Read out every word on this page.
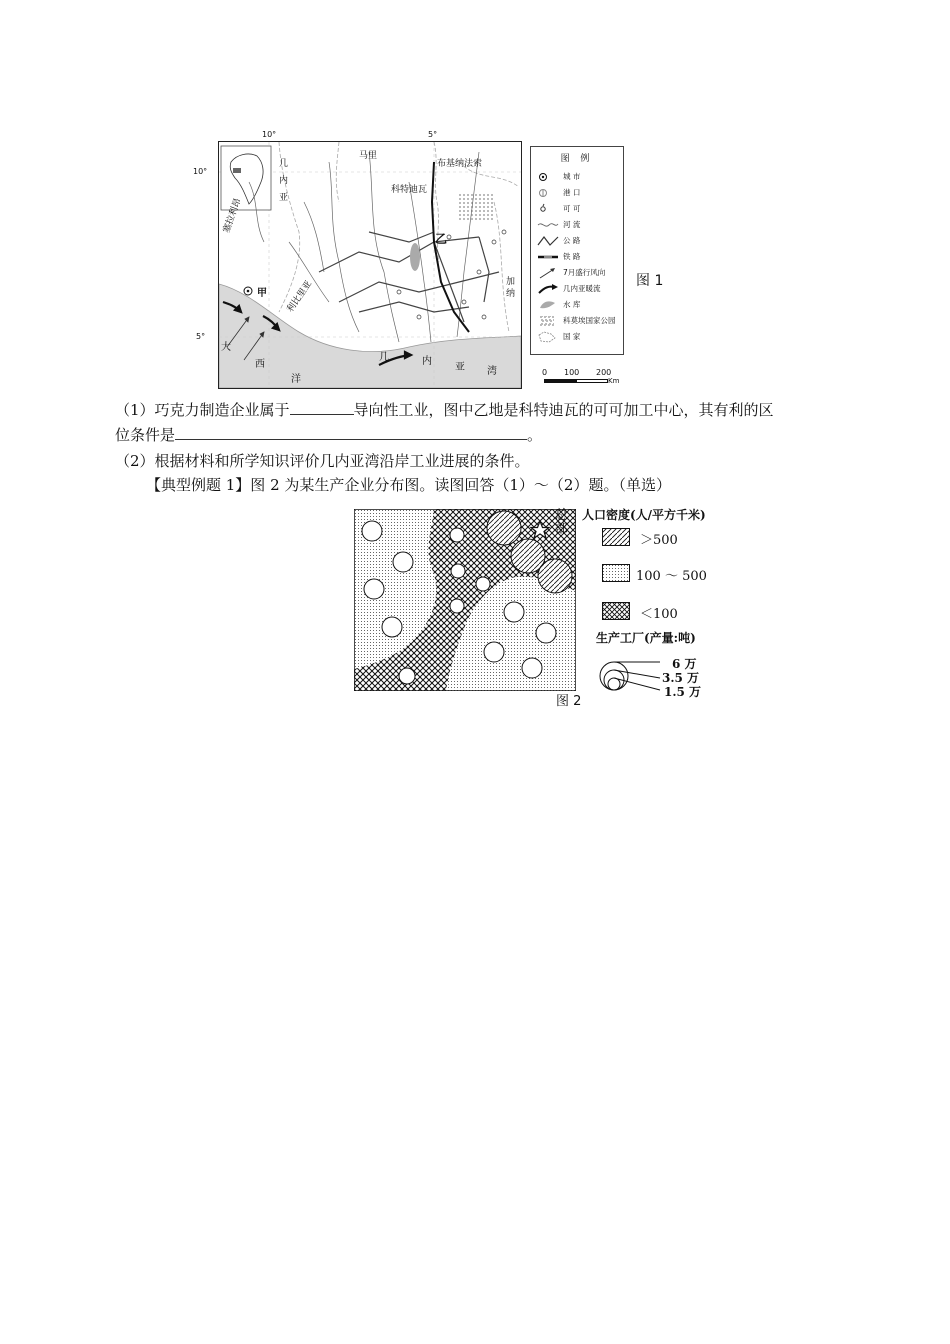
10°	5°
10°
5°
马里
布基纳法索
几
内
亚
塞拉利昂
利比里亚
科特迪瓦
加
纳
甲
乙
大
西
洋
几	内
亚 湾
图 例
城 市
港 口
可 可
河 流
公 路
铁 路
7月盛行风向
几内亚暖流
水 库
科莫埃国家公园
国 家
0 100 200
Km
图 1
（1）巧克力制造企业属于	导向性工业，图中乙地是科特迪瓦的可可加工中心，其有利的区
位条件是	。
（2）根据材料和所学知识评价几内亚湾沿岸工业进展的条件。
【典型例题 1】图 2 为某生产企业分布图。读图回答（1）～（2）题。（单选）
总
部
人口密度(人/平方千米)
＞500
100 ～ 500
＜100
生产工厂(产量:吨)
6 万
3.5 万
1.5 万
图 2
